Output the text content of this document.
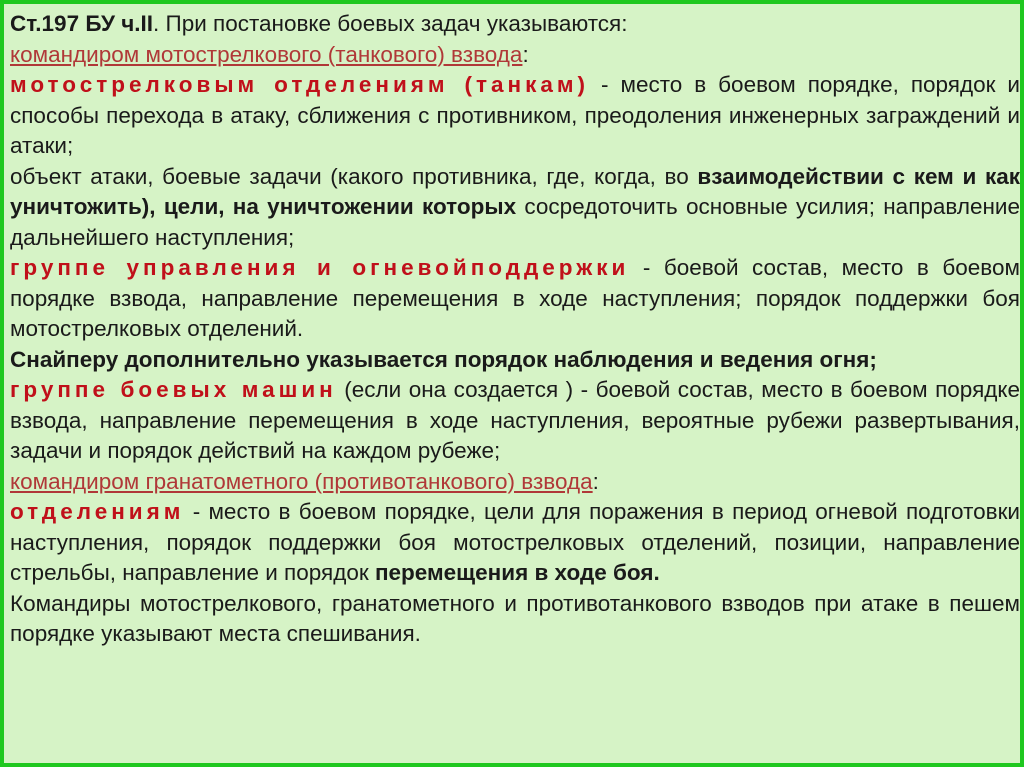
Ст.197 БУ ч.II. При постановке боевых задач указываются:

командиром мотострелкового (танкового) взвода:

мотострелковым отделениям (танкам) - место в боевом порядке, порядок и способы перехода в атаку, сближения с противником, преодоления инженерных заграждений и атаки;

объект атаки, боевые задачи (какого противника, где, когда, во взаимодействии с кем и как уничтожить), цели, на уничтожении которых сосредоточить основные усилия; направление дальнейшего наступления;

группе управления и огневойподдержки - боевой состав, место в боевом порядке взвода, направление перемещения в ходе наступления; порядок поддержки боя мотострелковых отделений.

Снайперу дополнительно указывается порядок наблюдения и ведения огня;

группе боевых машин (если она создается ) - боевой состав, место в боевом порядке взвода, направление перемещения в ходе наступления, вероятные рубежи развертывания, задачи и порядок действий на каждом рубеже;

командиром гранатометного (противотанкового) взвода:

отделениям - место в боевом порядке, цели для поражения в период огневой подготовки наступления, порядок поддержки боя мотострелковых отделений, позиции, направление стрельбы, направление и порядок перемещения в ходе боя.

Командиры мотострелкового, гранатометного и противотанкового взводов при атаке в пешем порядке указывают места спешивания.
